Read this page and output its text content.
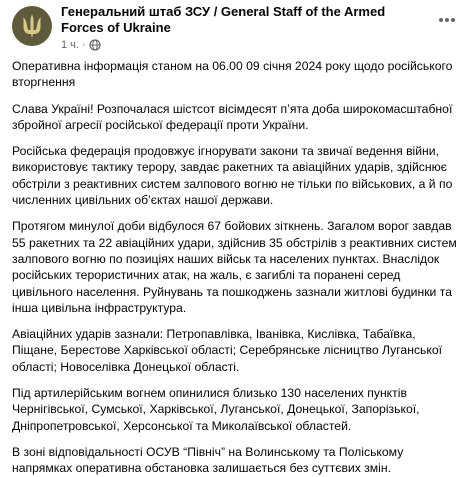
Генеральний штаб ЗСУ / General Staff of the Armed Forces of Ukraine
1 ч. ·

Оперативна інформація станом на 06.00 09 січня 2024 року щодо російського вторгнення

Слава Україні! Розпочалася шістсот вісімдесят п’ята доба широкомасштабної збройної агресії російської федерації проти України.

Російська федерація продовжує ігнорувати закони та звичаї ведення війни, використовує тактику терору, завдає ракетних та авіаційних ударів, здійснює обстріли з реактивних систем залпового вогню не тільки по військових, а й по численних цивільних об’єктах нашої держави.

Протягом минулої доби відбулося 67 бойових зіткнень. Загалом ворог завдав 55 ракетних та 22 авіаційних удари, здійснив 35 обстрілів з реактивних систем залпового вогню по позиціях наших військ та населених пунктах. Внаслідок російських терористичних атак, на жаль, є загиблі та поранені серед цивільного населення. Руйнувань та пошкоджень зазнали житлові будинки та інша цивільна інфраструктура.

Авіаційних ударів зазнали: Петропавлівка, Іванівка, Кислівка, Табаївка, Піщане, Берестове Харківської області; Серебрянське лісництво Луганської області; Новоселівка Донецької області.

Під артилерійським вогнем опинилися близько 130 населених пунктів Чернігівської, Сумської, Харківської, Луганської, Донецької, Запорізької, Дніпропетровської, Херсонської та Миколаївської областей.

В зоні відповідальності ОСУВ “Північ” на Волинському та Поліському напрямках оперативна обстановка залишається без суттєвих змін.
